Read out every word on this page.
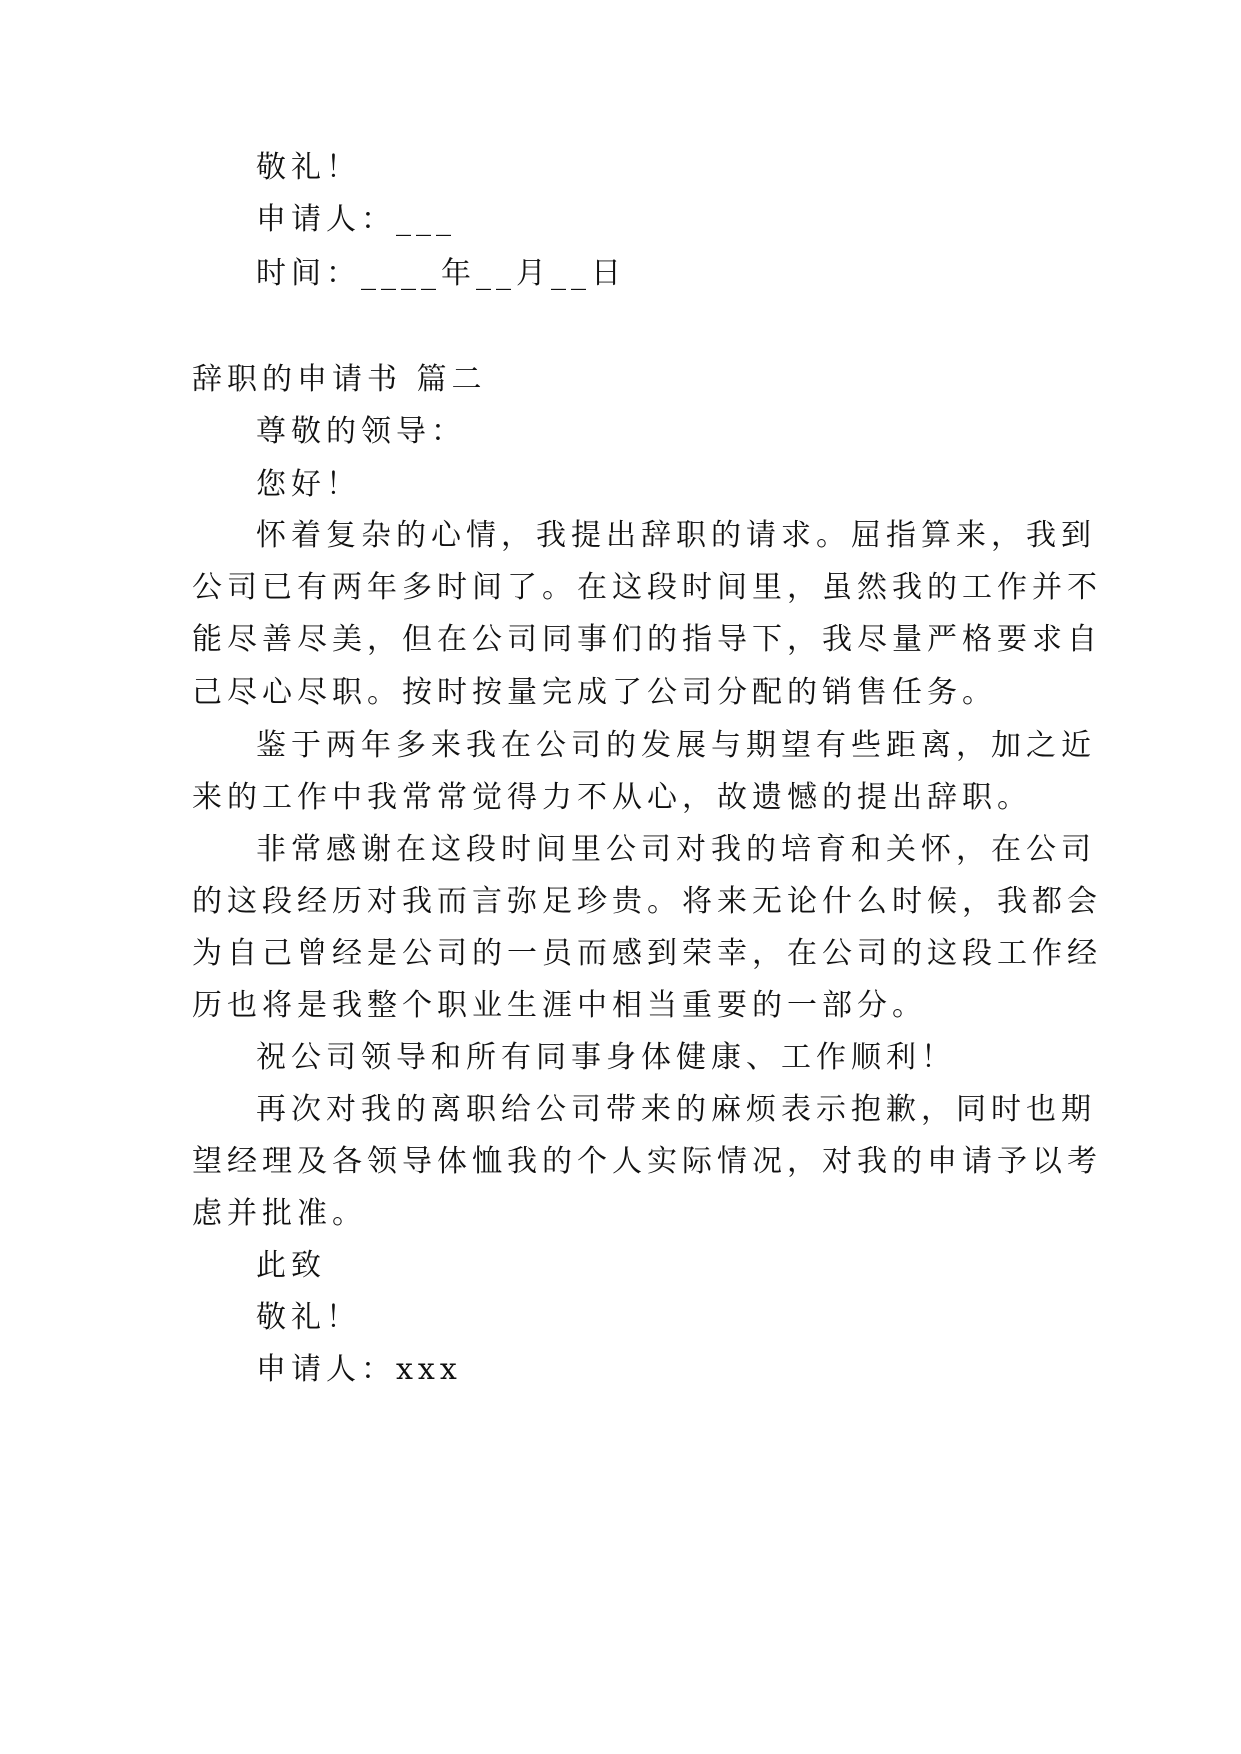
敬礼！
申请人：___
时间：____年__月__日
辞职的申请书 篇二
尊敬的领导：
您好！
怀着复杂的心情，我提出辞职的请求。屈指算来，我到
公司已有两年多时间了。在这段时间里，虽然我的工作并不
能尽善尽美，但在公司同事们的指导下，我尽量严格要求自
己尽心尽职。按时按量完成了公司分配的销售任务。
鉴于两年多来我在公司的发展与期望有些距离，加之近
来的工作中我常常觉得力不从心，故遗憾的提出辞职。
非常感谢在这段时间里公司对我的培育和关怀，在公司
的这段经历对我而言弥足珍贵。将来无论什么时候，我都会
为自己曾经是公司的一员而感到荣幸，在公司的这段工作经
历也将是我整个职业生涯中相当重要的一部分。
祝公司领导和所有同事身体健康、工作顺利！
再次对我的离职给公司带来的麻烦表示抱歉，同时也期
望经理及各领导体恤我的个人实际情况，对我的申请予以考
虑并批准。
此致
敬礼！
申请人：xxx
